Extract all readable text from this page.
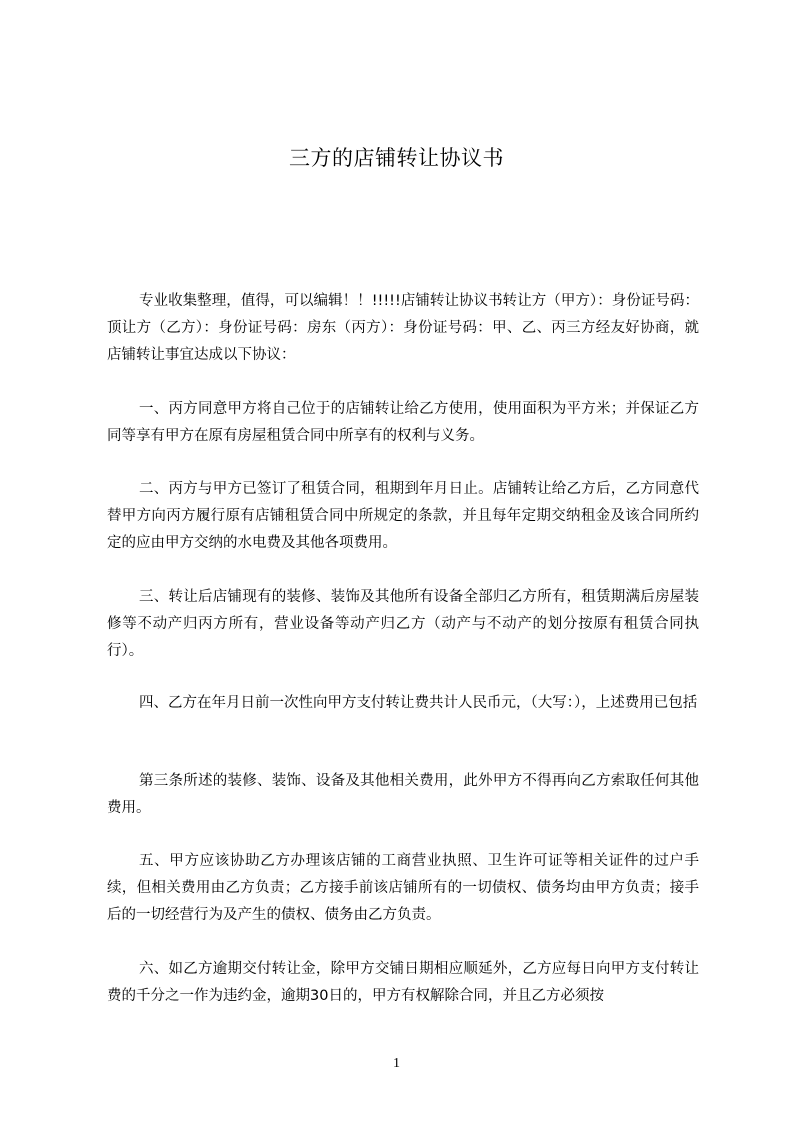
三方的店铺转让协议书

专业收集整理，值得，可以编辑！！!!!!!店铺转让协议书转让方（甲方）：身份证号码：顶让方（乙方）：身份证号码：房东（丙方）：身份证号码：甲、乙、丙三方经友好协商，就店铺转让事宜达成以下协议：

一、丙方同意甲方将自己位于的店铺转让给乙方使用，使用面积为平方米；并保证乙方同等享有甲方在原有房屋租赁合同中所享有的权利与义务。

二、丙方与甲方已签订了租赁合同，租期到年月日止。店铺转让给乙方后，乙方同意代替甲方向丙方履行原有店铺租赁合同中所规定的条款，并且每年定期交纳租金及该合同所约定的应由甲方交纳的水电费及其他各项费用。

三、转让后店铺现有的装修、装饰及其他所有设备全部归乙方所有，租赁期满后房屋装修等不动产归丙方所有，营业设备等动产归乙方（动产与不动产的划分按原有租赁合同执行）。

四、乙方在年月日前一次性向甲方支付转让费共计人民币元，（大写：），上述费用已包括

第三条所述的装修、装饰、设备及其他相关费用，此外甲方不得再向乙方索取任何其他费用。

五、甲方应该协助乙方办理该店铺的工商营业执照、卫生许可证等相关证件的过户手续，但相关费用由乙方负责；乙方接手前该店铺所有的一切债权、债务均由甲方负责；接手后的一切经营行为及产生的债权、债务由乙方负责。

六、如乙方逾期交付转让金，除甲方交铺日期相应顺延外，乙方应每日向甲方支付转让费的千分之一作为违约金，逾期30日的，甲方有权解除合同，并且乙方必须按

1
